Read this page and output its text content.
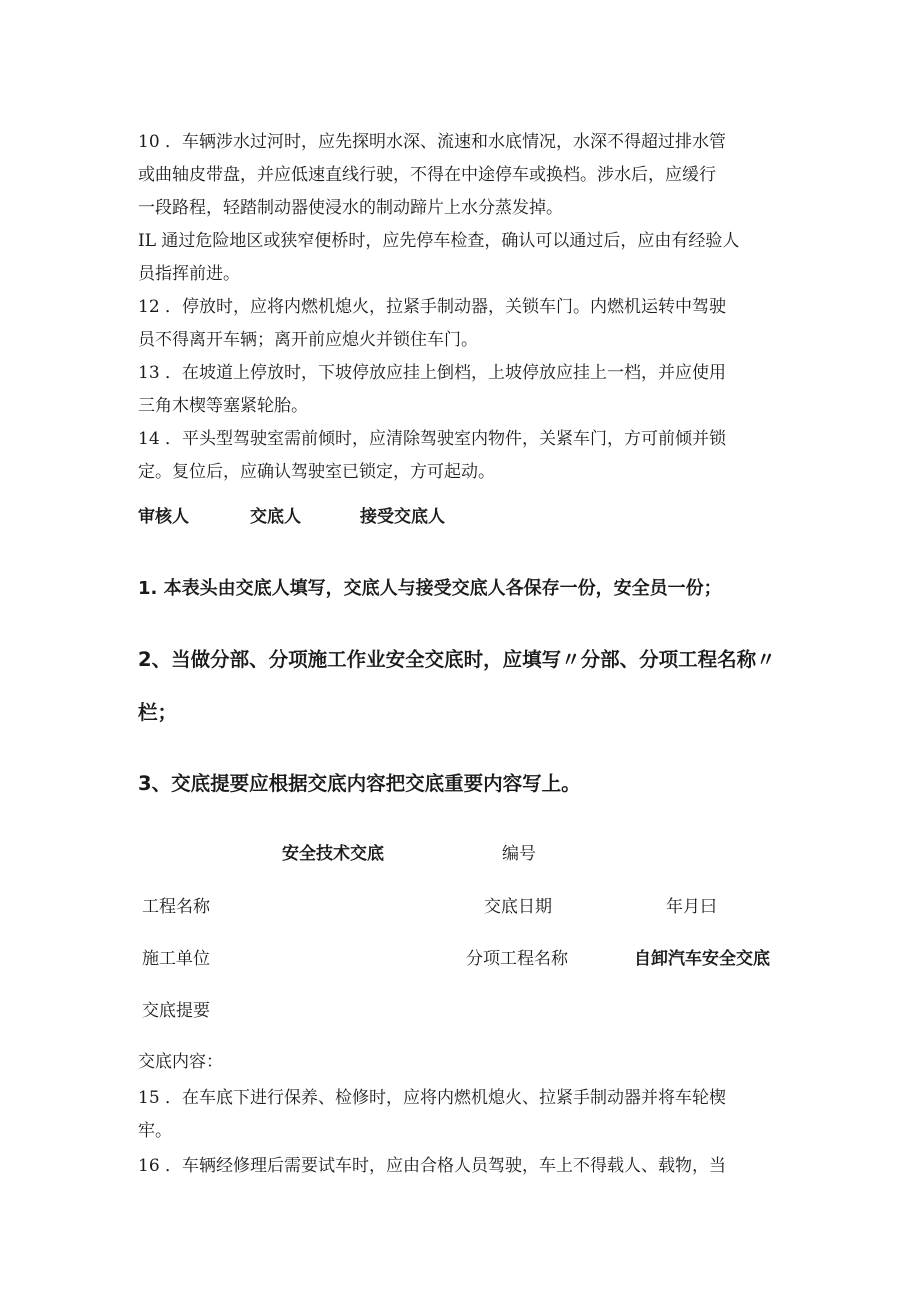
10 ．车辆涉水过河时，应先探明水深、流速和水底情况，水深不得超过排水管
或曲轴皮带盘，并应低速直线行驶，不得在中途停车或换档。涉水后，应缓行
一段路程，轻踏制动器使浸水的制动蹄片上水分蒸发掉。
IL 通过危险地区或狭窄便桥时，应先停车检查，确认可以通过后，应由有经验人
员指挥前进。
12 ．停放时，应将内燃机熄火，拉紧手制动器，关锁车门。内燃机运转中驾驶
员不得离开车辆；离开前应熄火并锁住车门。
13 ．在坡道上停放时，下坡停放应挂上倒档，上坡停放应挂上一档，并应使用
三角木楔等塞紧轮胎。
14 ．平头型驾驶室需前倾时，应清除驾驶室内物件，关紧车门，方可前倾并锁
定。复位后，应确认驾驶室已锁定，方可起动。
审核人	交底人	接受交底人
1. 本表头由交底人填写，交底人与接受交底人各保存一份，安全员一份；
2、当做分部、分项施工作业安全交底时，应填写〃分部、分项工程名称〃
栏；
3、交底提要应根据交底内容把交底重要内容写上。
安全技术交底	编号
工程名称	交底日期	年月曰
施工单位	分项工程名称	自卸汽车安全交底
交底提要
交底内容：
15 ．在车底下进行保养、检修时，应将内燃机熄火、拉紧手制动器并将车轮楔
牢。
16 ．车辆经修理后需要试车时，应由合格人员驾驶，车上不得载人、载物，当
